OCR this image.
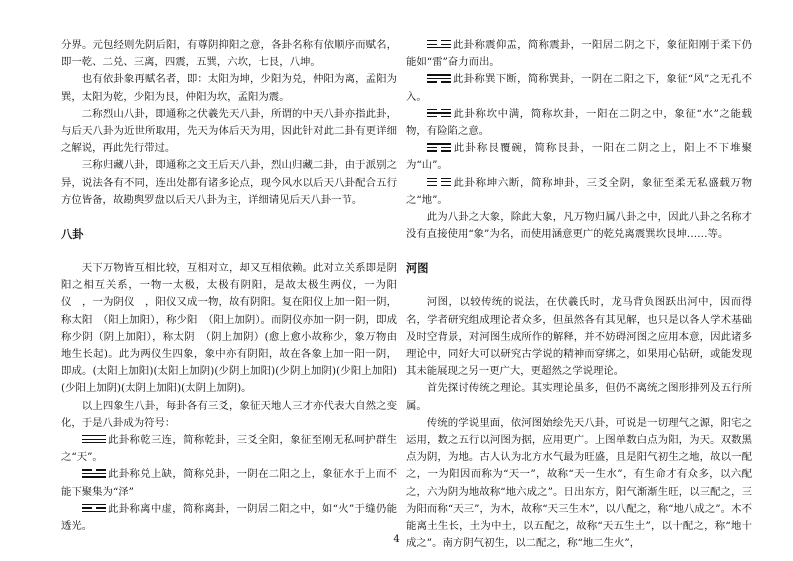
分界。元包经则先阴后阳，有尊阴抑阳之意，各卦名称有依顺序而赋名，即一乾、二兑、三离，四震，五巽，六坎，七艮，八坤。

也有依卦象再赋名者，即：太阳为坤，少阳为兑，仲阳为离，孟阳为巽，太阳为乾，少阳为艮，仲阳为坎，孟阳为震。

二称烈山八卦，即通称之伏羲先天八卦，所谓的中天八卦亦指此卦，与后天八卦为近世所取用，先天为体后天为用，因此针对此二卦有更详细之解说，再此先行带过。

三称归藏八卦，即通称之文王后天八卦，烈山归藏二卦，由于派别之异，说法各有不同，连出处都有诸多论点，现今风水以后天八卦配合五行方位皆备，故勘舆罗盘以后天八卦为主，详细请见后天八卦一节。

八卦

天下万物皆互相比较，互相对立，却又互相依赖。此对立关系即是阴阳之相互关系，一物一太极，太极有阴阳，是故太极生两仪，一为阳仪　，一为阴仪　，阳仪又成一物，故有阴阳。复在阳仪上加一阳一阴，称太阳　（阳上加阳），称少阳　（阳上加阴）。而阴仪亦加一阴一阴，即成　称少阴（阴上加阳），称太阴　（阴上加阴）(愈上愈小故称少，象万物由地生长起)。此为两仪生四象，象中亦有阴阳，故在各象上加一阳一阴，即成。(太阳上加阳)(太阳上加阴)(少阴上加阳)(少阴上加阴)(少阳上加阳)(少阳上加阴)(太阴上加阳)(太阴上加阴)。

以上四象生八卦，每卦各有三爻，象征天地人三才亦代表大自然之变化，于是八卦成为符号：

此卦称乾三连，简称乾卦，三爻全阳，象征至刚无私呵护群生之“天”。

此卦称兑上缺，简称兑卦，一阴在二阳之上，象征水于上而不能下聚集为“泽”

此卦称离中虚，简称离卦，一阴居二阳之中，如“火”于缝仍能透光。

此卦称震仰盂，简称震卦，一阳居二阴之下，象征阳刚于柔下仍能如“雷”奋力而出。

此卦称巽下断，简称巽卦，一阴在二阳之下，象征“风”之无孔不入。

此卦称坎中满，简称坎卦，一阳在二阴之中，象征“水”之能载物，有险陷之意。

此卦称艮覆碗，简称艮卦，一阳在二阴之上，阳上不下堆聚为“山”。

此卦称坤六断，简称坤卦，三爻全阴，象征至柔无私盛载万物之“地”。

此为八卦之大象，除此大象，凡万物归属八卦之中，因此八卦之名称才没有直接使用“象”为名，而使用涵意更广的乾兑离震巽坎艮坤……等。

河图

河图，以较传统的说法，在伏羲氏时，龙马背负图跃出河中，因而得名，学者研究组成理论者众多，但虽然各有其见解，也只是以各人学术基础及时空背景，对河图生成所作的解释，并不妨碍河图之应用本意，因此诸多理论中，同好大可以研究古学说的精神而穿绑之，如果用心钻研，或能发现其未能展现之另一更广大，更超然之学说理论。

首先探讨传统之理论。其实理论虽多，但仍不离统之图形排列及五行所属。

传统的学说里面，依河图始绘先天八卦，可说是一切理气之源，阳宅之运用，数之五行以河图为据，应用更广。上图单数白点为阳，为天。双数黑点为阴，为地。古人认为北方水气最为旺盛，且是阳气初生之地，故以一配之，一为阳因而称为“天一”，故称“天一生水”，有生命才有众多，以六配之，六为阴为地故称“地六成之”。日出东方，阳气渐渐生旺，以三配之，三为阳而称“天三”，为木，故称“天三生木”，以八配之，称“地八成之”。木不能离土生长，土为中土，以五配之，故称“天五生土”，以十配之，称“地十成之”。南方阴气初生，以二配之，称“地二生火”，

4
